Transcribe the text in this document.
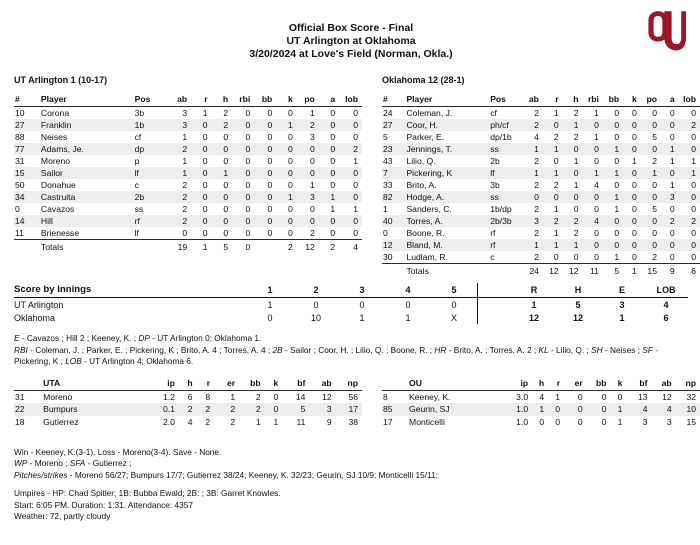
Official Box Score - Final
UT Arlington at Oklahoma
3/20/2024 at Love's Field (Norman, Okla.)
UT Arlington 1 (10-17)	Oklahoma 12 (28-1)
#	Player	Pos	ab	r	h	rbi	bb	k	po	a	lob
10	Corona	3b	3	1	2	0	0	0	1	0	0
27	Franklin	1b	3	0	2	0	0	1	2	0	0
88	Neises	cf	1	0	0	0	0	0	3	0	0
77	Adams, Je.	dp	2	0	0	0	0	0	0	0	2
31	Moreno	p	1	0	0	0	0	0	0	0	1
15	Sailor	lf	1	0	1	0	0	0	0	0	0
50	Donahue	c	2	0	0	0	0	0	1	0	0
34	Castruita	2b	2	0	0	0	0	1	3	1	0
0	Cavazos	ss	2	0	0	0	0	0	0	1	1
14	Hill	rf	2	0	0	0	0	0	0	0	0
11	Brienesse	lf	0	0	0	0	0	0	2	0	0
	Totals		19	1	5	0		2	12	2	4
#	Player	Pos	ab	r	h	rbi	bb	k	po	a	lob
24	Coleman, J.	cf	2	1	2	1	0	0	0	0	0
27	Coor, H.	ph/cf	2	0	1	0	0	0	0	0	2
5	Parker, E.	dp/1b	4	2	2	1	0	0	5	0	0
23	Jennings, T.	ss	1	1	0	0	1	0	0	1	0
43	Lilio, Q.	2b	2	0	1	0	0	1	2	1	1
7	Pickering, K	lf	1	1	0	1	1	0	1	0	1
33	Brito, A.	3b	2	2	1	4	0	0	0	1	0
82	Hodge, A.	ss	0	0	0	0	1	0	0	3	0
1	Sanders, C.	1b/dp	2	1	0	0	1	0	5	0	0
40	Torres, A.	2b/3b	3	2	2	4	0	0	0	2	2
0	Boone, R.	rf	2	1	2	0	0	0	0	0	0
12	Bland, M.	rf	1	1	1	0	0	0	0	0	0
30	Ludlam, R.	c	2	0	0	0	1	0	2	0	0
	Totals		24	12	12	11	5	1	15	9	6
Score by Innings		1	2	3	4	5		R	H	E	LOB
UT Arlington		1	0	0	0	0		1	5	3	4
Oklahoma		0	10	1	1	X		12	12	1	6
E - Cavazos ; Hill 2 ; Keeney, K. ; DP - UT Arlington 0; Oklahoma 1.
RBI - Coleman, J. ; Parker, E. ; Pickering, K ; Brito, A. 4 ; Torres, A. 4 ; 2B - Sailor ; Coor, H. ; Lilio, Q. ; Boone, R. ; HR - Brito, A. ; Torres, A. 2 ; KL - Lilio, Q. ; SH - Neises ; SF - Pickering, K ; LOB - UT Arlington 4; Oklahoma 6.
	UTA	ip	h	r	er	bb	k	bf	ab	np
31	Moreno	1.2	6	8	1	2	0	14	12	56
22	Bumpurs	0.1	2	2	2	2	0	5	3	17
18	Gutierrez	2.0	4	2	2	1	1	11	9	38
	OU	ip	h	r	er	bb	k	bf	ab	np
8	Keeney, K.	3.0	4	1	0	0	0	13	12	32
85	Geurin, SJ	1.0	1	0	0	0	1	4	4	10
17	Monticelli	1.0	0	0	0	0	1	3	3	15
Win - Keeney, K.(3-1). Loss - Moreno(3-4). Save - None.
WP - Moreno ; SFA - Gutierrez ;
Pitches/strikes - Moreno 56/27; Bumpurs 17/7; Gutierrez 38/24; Keeney, K. 32/23; Geurin, SJ 10/9; Monticelli 15/11;
Umpires - HP: Chad Spitler; 1B: Bubba Ewald; 2B: ; 3B: Garret Knowles.
Start: 6:05 PM. Duration: 1:31. Attendance: 4357
Weather: 72, partly cloudy
